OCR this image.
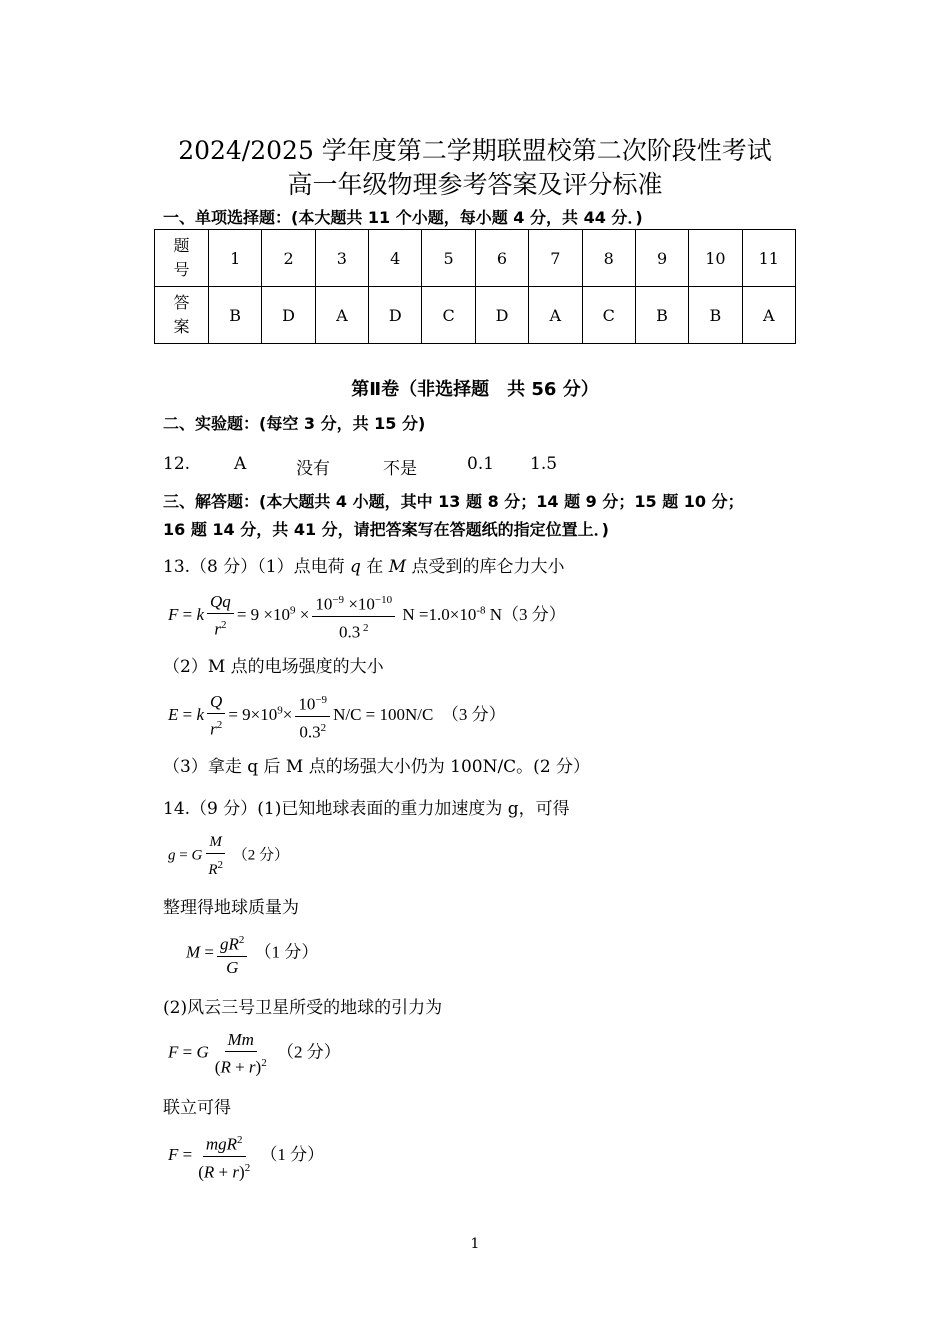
2024/2025 学年度第二学期联盟校第二次阶段性考试
高一年级物理参考答案及评分标准
一、单项选择题：(本大题共 11 个小题，每小题 4 分，共 44 分．)
题
号	1	2	3	4	5	6	7	8	9	10	11

答
案	B	D	A	D	C	D	A	C	B	B	A
第Ⅱ卷（非选择题　共 56 分）
二、实验题：(每空 3 分，共 15 分)
12.	A	没有	不是	0.1 1.5
三、解答题：(本大题共 4 小题，其中 13 题 8 分；14 题 9 分；15 题 10 分；
16 题 14 分，共 41 分，请把答案写在答题纸的指定位置上．)
13.（8 分）（1）点电荷 q 在 M 点受到的库仑力大小
F = k $\frac{Qq}{r^2} = 9 \times 10^9 \times \frac{10^{-9} \times 10^{-10}}{0.3 ^2}$ $N =1.0\times 10^{-8}$ N（3 分）
（2）M 点的电场强度的大小
E = k $\frac{Q}{r^2} = 9\times 10^9\times \frac{10^{-9}}{0.3^2} N/C = 100N/C$ （3 分）
（3）拿走 q 后 M 点的场强大小仍为 100N/C。(2 分）
14.（9 分）(1)已知地球表面的重力加速度为 g，可得
g = G $\frac{M}{R^2} (2$ 分）
整理得地球质量为
$M = \frac{gR^2}{G} (1$ 分）
(2)风云三号卫星所受的地球的引力为
F = G $\frac{Mm}{(R + r)^2} (2$ 分）
联立可得
$F = \frac{mgR^2}{(R + r)^2} (1$ 分）
1
